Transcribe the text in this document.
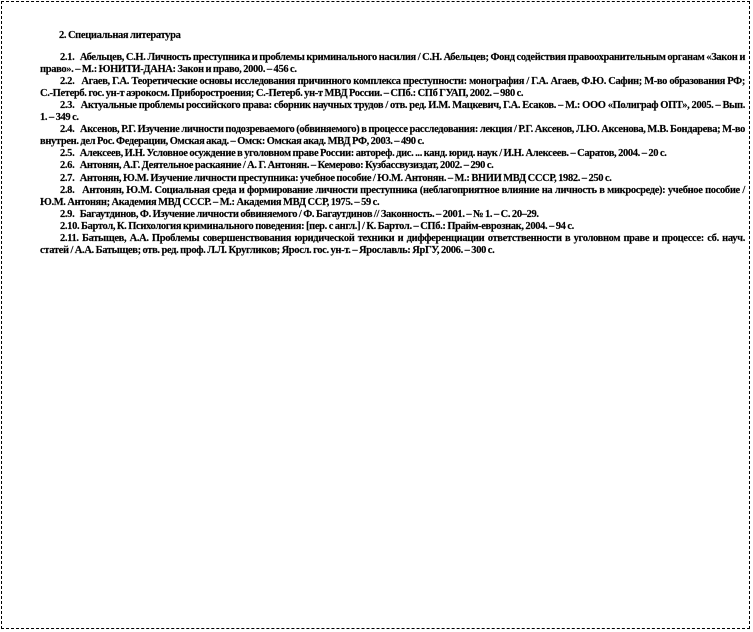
2. Специальная литература

2.1. Абельцев, С.Н. Личность преступника и проблемы криминального насилия / С.Н. Абельцев; Фонд содействия правоохранительным органам «Закон и право». – М.: ЮНИТИ-ДАНА: Закон и право, 2000. – 456 с.

2.2. Агаев, Г.А. Теоретические основы исследования причинного комплекса преступности: монография / Г.А. Агаев, Ф.Ю. Сафин; М-во образования РФ; С.-Петерб. гос. ун-т аэрокосм. Приборостроения; С.-Петерб. ун-т МВД России. – СПб.: СПб ГУАП, 2002. – 980 с.

2.3. Актуальные проблемы российского права: сборник научных трудов / отв. ред. И.М. Мацкевич, Г.А. Есаков. – М.: ООО «Полиграф ОПТ», 2005. – Вып. 1. – 349 с.

2.4. Аксенов, Р.Г. Изучение личности подозреваемого (обвиняемого) в процессе расследования: лекция / Р.Г. Аксенов, Л.Ю. Аксенова, М.В. Бондарева; М-во внутрен. дел Рос. Федерации, Омская акад. – Омск: Омская акад. МВД РФ, 2003. – 490 с.

2.5. Алексеев, И.Н. Условное осуждение в уголовном праве России: автореф. дис. ... канд. юрид. наук / И.Н. Алексеев. – Саратов, 2004. – 20 с.

2.6. Антонян, А.Г. Деятельное раскаяние / А. Г. Антонян. – Кемерово: Кузбассвузиздат, 2002. – 290 с.

2.7. Антонян, Ю.М. Изучение личности преступника: учебное пособие / Ю.М. Антонян. – М.: ВНИИ МВД СССР, 1982. – 250 с.

2.8. Антонян, Ю.М. Социальная среда и формирование личности преступника (неблагоприятное влияние на личность в микросреде): учебное пособие / Ю.М. Антонян; Академия МВД СССР. – М.: Академия МВД ССР, 1975. – 59 с.

2.9. Багаутдинов, Ф. Изучение личности обвиняемого / Ф. Багаутдинов // Законность. – 2001. – № 1. – С. 20–29.

2.10. Бартол, К. Психология криминального поведения: [пер. с англ.] / К. Бартол. – СПб.: Прайм-еврознак, 2004. – 94 с.

2.11. Батыщев, А.А. Проблемы совершенствования юридической техники и дифференциации ответственности в уголовном праве и процессе: сб. науч. статей / А.А. Батыщев; отв. ред. проф. Л.Л. Кругликов; Яросл. гос. ун-т. – Ярославль: ЯрГУ, 2006. – 300 с.
